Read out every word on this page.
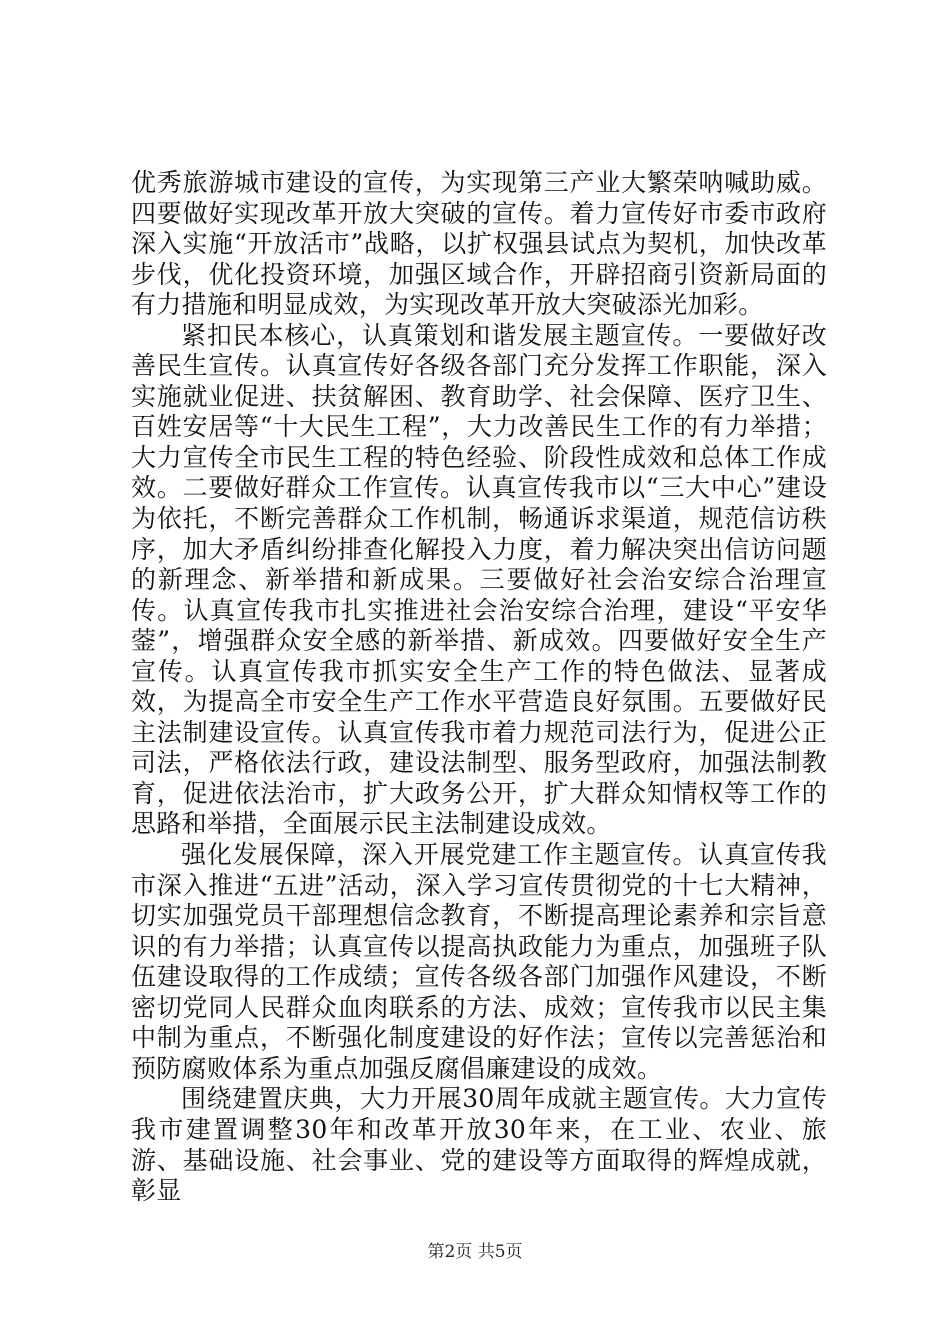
优秀旅游城市建设的宣传，为实现第三产业大繁荣呐喊助威。四要做好实现改革开放大突破的宣传。着力宣传好市委市政府深入实施“开放活市”战略，以扩权强县试点为契机，加快改革步伐，优化投资环境，加强区域合作，开辟招商引资新局面的有力措施和明显成效，为实现改革开放大突破添光加彩。

紧扣民本核心，认真策划和谐发展主题宣传。一要做好改善民生宣传。认真宣传好各级各部门充分发挥工作职能，深入实施就业促进、扶贫解困、教育助学、社会保障、医疗卫生、百姓安居等“十大民生工程”，大力改善民生工作的有力举措；大力宣传全市民生工程的特色经验、阶段性成效和总体工作成效。二要做好群众工作宣传。认真宣传我市以“三大中心”建设为依托，不断完善群众工作机制，畅通诉求渠道，规范信访秩序，加大矛盾纠纷排查化解投入力度，着力解决突出信访问题的新理念、新举措和新成果。三要做好社会治安综合治理宣传。认真宣传我市扎实推进社会治安综合治理，建设“平安华蓥”，增强群众安全感的新举措、新成效。四要做好安全生产宣传。认真宣传我市抓实安全生产工作的特色做法、显著成效，为提高全市安全生产工作水平营造良好氛围。五要做好民主法制建设宣传。认真宣传我市着力规范司法行为，促进公正司法，严格依法行政，建设法制型、服务型政府，加强法制教育，促进依法治市，扩大政务公开，扩大群众知情权等工作的思路和举措，全面展示民主法制建设成效。

强化发展保障，深入开展党建工作主题宣传。认真宣传我市深入推进“五进”活动，深入学习宣传贯彻党的十七大精神，切实加强党员干部理想信念教育，不断提高理论素养和宗旨意识的有力举措；认真宣传以提高执政能力为重点，加强班子队伍建设取得的工作成绩；宣传各级各部门加强作风建设，不断密切党同人民群众血肉联系的方法、成效；宣传我市以民主集中制为重点，不断强化制度建设的好作法；宣传以完善惩治和预防腐败体系为重点加强反腐倡廉建设的成效。

围绕建置庆典，大力开展30周年成就主题宣传。大力宣传我市建置调整30年和改革开放30年来，在工业、农业、旅游、基础设施、社会事业、党的建设等方面取得的辉煌成就，彰显

第2页 共5页
